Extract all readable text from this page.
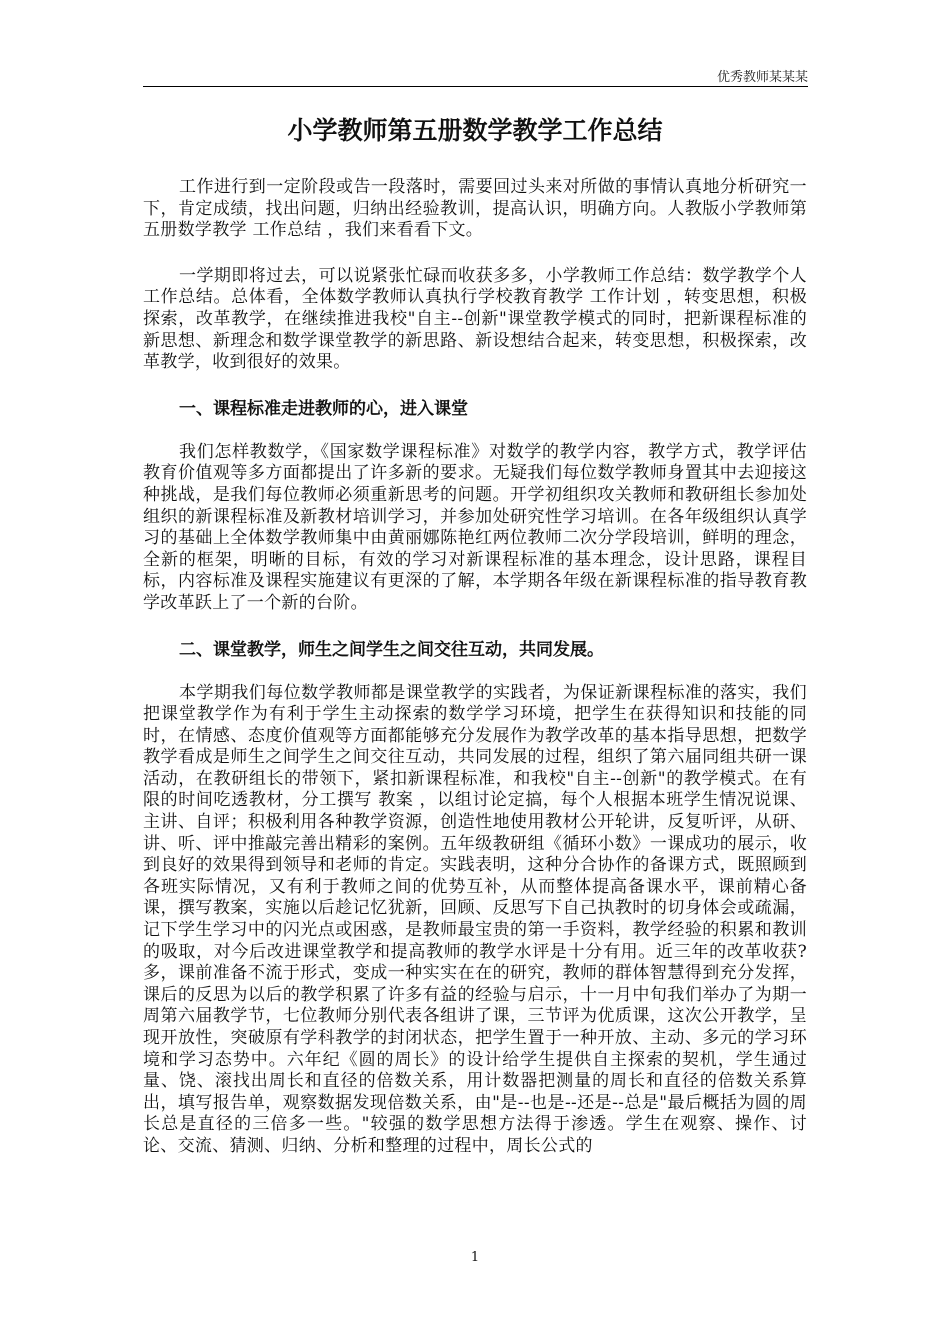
优秀教师某某某
小学教师第五册数学教学工作总结

工作进行到一定阶段或告一段落时，需要回过头来对所做的事情认真地分析研究一下，肯定成绩，找出问题，归纳出经验教训，提高认识，明确方向。人教版小学教师第五册数学教学 工作总结 ，我们来看看下文。

一学期即将过去，可以说紧张忙碌而收获多多，小学教师工作总结：数学教学个人工作总结。总体看，全体数学教师认真执行学校教育教学 工作计划 ，转变思想，积极探索，改革教学，在继续推进我校"自主--创新"课堂教学模式的同时，把新课程标准的新思想、新理念和数学课堂教学的新思路、新设想结合起来，转变思想，积极探索，改革教学，收到很好的效果。

一、课程标准走进教师的心，进入课堂

我们怎样教数学，《国家数学课程标准》对数学的教学内容，教学方式，教学评估教育价值观等多方面都提出了许多新的要求。无疑我们每位数学教师身置其中去迎接这种挑战，是我们每位教师必须重新思考的问题。开学初组织攻关教师和教研组长参加处组织的新课程标准及新教材培训学习，并参加处研究性学习培训。在各年级组织认真学习的基础上全体数学教师集中由黄丽娜陈艳红两位教师二次分学段培训，鲜明的理念，全新的框架，明晰的目标，有效的学习对新课程标准的基本理念，设计思路，课程目标，内容标准及课程实施建议有更深的了解，本学期各年级在新课程标准的指导教育教学改革跃上了一个新的台阶。

二、课堂教学，师生之间学生之间交往互动，共同发展。

本学期我们每位数学教师都是课堂教学的实践者，为保证新课程标准的落实，我们把课堂教学作为有利于学生主动探索的数学学习环境，把学生在获得知识和技能的同时，在情感、态度价值观等方面都能够充分发展作为教学改革的基本指导思想，把数学教学看成是师生之间学生之间交往互动，共同发展的过程，组织了第六届同组共研一课活动，在教研组长的带领下，紧扣新课程标准，和我校"自主--创新"的教学模式。在有限的时间吃透教材，分工撰写 教案 ，以组讨论定搞，每个人根据本班学生情况说课、主讲、自评；积极利用各种教学资源，创造性地使用教材公开轮讲，反复听评，从研、讲、听、评中推敲完善出精彩的案例。五年级教研组《循环小数》一课成功的展示，收到良好的效果得到领导和老师的肯定。实践表明，这种分合协作的备课方式，既照顾到各班实际情况，又有利于教师之间的优势互补，从而整体提高备课水平，课前精心备课，撰写教案，实施以后趁记忆犹新，回顾、反思写下自己执教时的切身体会或疏漏，记下学生学习中的闪光点或困惑，是教师最宝贵的第一手资料，教学经验的积累和教训的吸取，对今后改进课堂教学和提高教师的教学水评是十分有用。近三年的改革收获?多，课前准备不流于形式，变成一种实实在在的研究，教师的群体智慧得到充分发挥，课后的反思为以后的教学积累了许多有益的经验与启示，十一月中旬我们举办了为期一周第六届教学节，七位教师分别代表各组讲了课，三节评为优质课，这次公开教学，呈现开放性，突破原有学科教学的封闭状态，把学生置于一种开放、主动、多元的学习环境和学习态势中。六年纪《圆的周长》的设计给学生提供自主探索的契机，学生通过量、饶、滚找出周长和直径的倍数关系，用计数器把测量的周长和直径的倍数关系算出，填写报告单，观察数据发现倍数关系，由"是--也是--还是--总是"最后概括为圆的周长总是直径的三倍多一些。"较强的数学思想方法得于渗透。学生在观察、操作、讨论、交流、猜测、归纳、分析和整理的过程中，周长公式的

1
